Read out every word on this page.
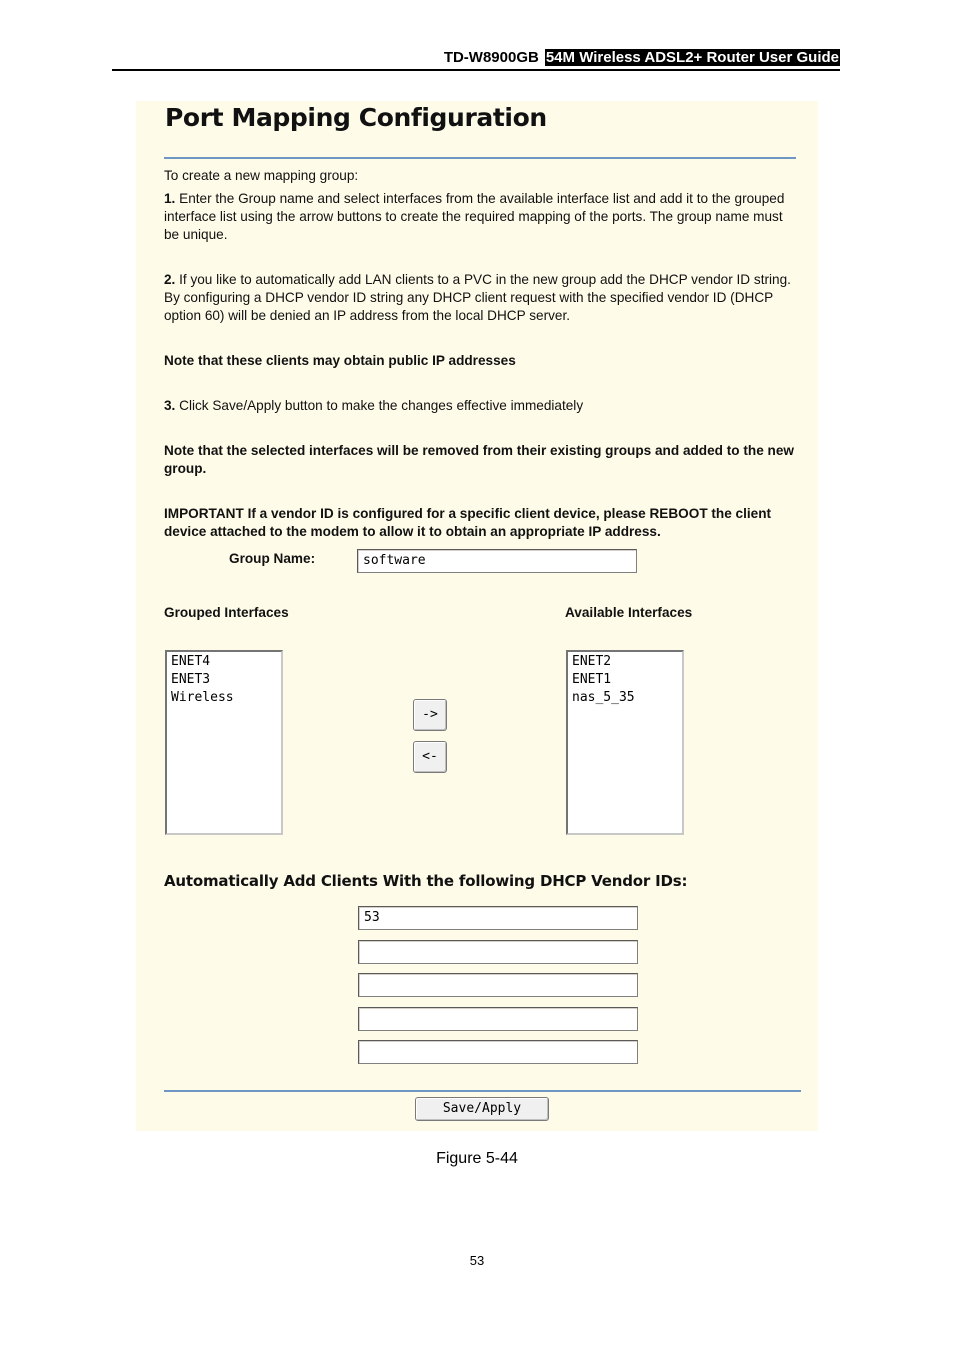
TD-W8900GB 54M Wireless ADSL2+ Router User Guide
Port Mapping Configuration
To create a new mapping group:
1. Enter the Group name and select interfaces from the available interface list and add it to the grouped interface list using the arrow buttons to create the required mapping of the ports. The group name must be unique.
2. If you like to automatically add LAN clients to a PVC in the new group add the DHCP vendor ID string. By configuring a DHCP vendor ID string any DHCP client request with the specified vendor ID (DHCP option 60) will be denied an IP address from the local DHCP server.
Note that these clients may obtain public IP addresses
3. Click Save/Apply button to make the changes effective immediately
Note that the selected interfaces will be removed from their existing groups and added to the new group.
IMPORTANT If a vendor ID is configured for a specific client device, please REBOOT the client device attached to the modem to allow it to obtain an appropriate IP address.
Group Name:	software
Grouped Interfaces	Available Interfaces
ENET4
ENET3
Wireless
->
<-
ENET2
ENET1
nas_5_35
Automatically Add Clients With the following DHCP Vendor IDs:
53
Save/Apply
Figure 5-44
53
